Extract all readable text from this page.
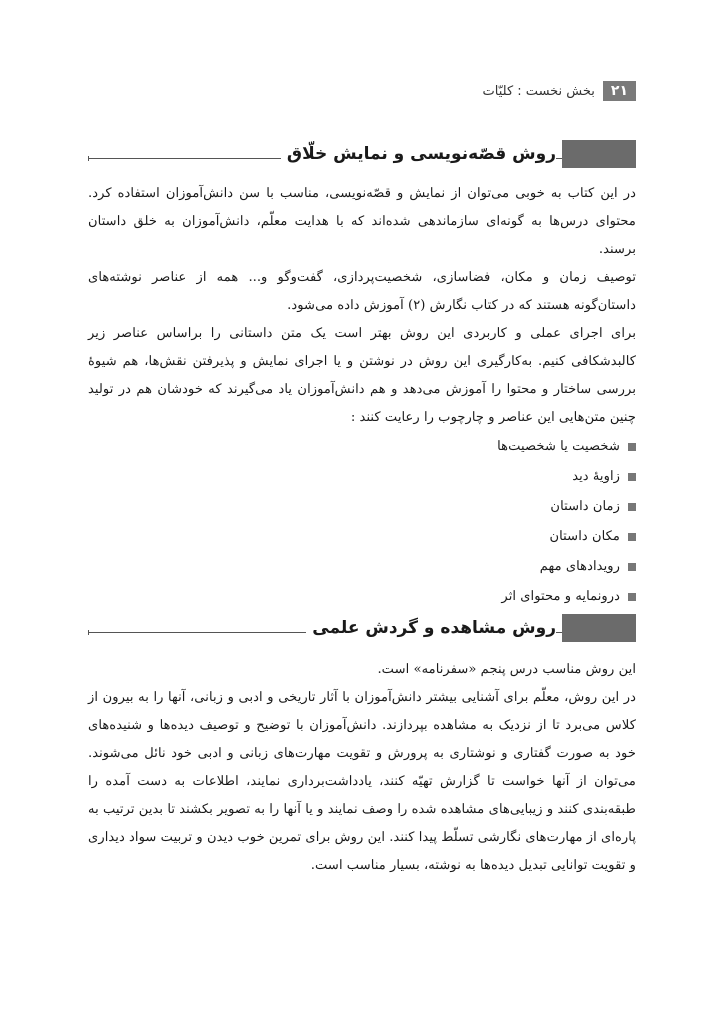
۲۱
بخش نخست : کلیّات
روش قصّه‌نویسی و نمایش خلّاق

در این کتاب به خوبی می‌توان از نمایش و قصّه‌نویسی، مناسب با سن دانش‌آموزان استفاده کرد. محتوای درس‌ها به گونه‌ای سازماندهی شده‌اند که با هدایت معلّم، دانش‌آموزان به خلق داستان برسند.

توصیف زمان و مکان، فضاسازی، شخصیت‌پردازی، گفت‌وگو و... همه از عناصر نوشته‌های داستان‌گونه هستند که در کتاب نگارش (۲) آموزش داده می‌شود.

برای اجرای عملی و کاربردی این روش بهتر است یک متن داستانی را براساس عناصر زیر کالبدشکافی کنیم. به‌کارگیری این روش در نوشتن و یا اجرای نمایش و پذیرفتن نقش‌ها، هم شیوهٔ بررسی ساختار و محتوا را آموزش می‌دهد و هم دانش‌آموزان یاد می‌گیرند که خودشان هم در تولید چنین متن‌هایی این عناصر و چارچوب را رعایت کنند :

شخصیت یا شخصیت‌ها
زاویهٔ دید
زمان داستان
مکان داستان
رویدادهای مهم
درونمایه و محتوای اثر
روش مشاهده و گردش علمی

این روش مناسب درس پنجم «سفرنامه» است.

در این روش، معلّم برای آشنایی بیشتر دانش‌آموزان با آثار تاریخی و ادبی و زبانی، آنها را به بیرون از کلاس می‌برد تا از نزدیک به مشاهده بپردازند. دانش‌آموزان با توضیح و توصیف دیده‌ها و شنیده‌های خود به صورت گفتاری و نوشتاری به پرورش و تقویت مهارت‌های زبانی و ادبی خود نائل می‌شوند. می‌توان از آنها خواست تا گزارش تهیّه کنند، یادداشت‌برداری نمایند، اطلاعات به دست آمده را طبقه‌بندی کنند و زیبایی‌های مشاهده شده را وصف نمایند و یا آنها را به تصویر بکشند تا بدین ترتیب به پاره‌ای از مهارت‌های نگارشی تسلّط پیدا کنند. این روش برای تمرین خوب دیدن و تربیت سواد دیداری و تقویت توانایی تبدیل دیده‌ها به نوشته، بسیار مناسب است.
